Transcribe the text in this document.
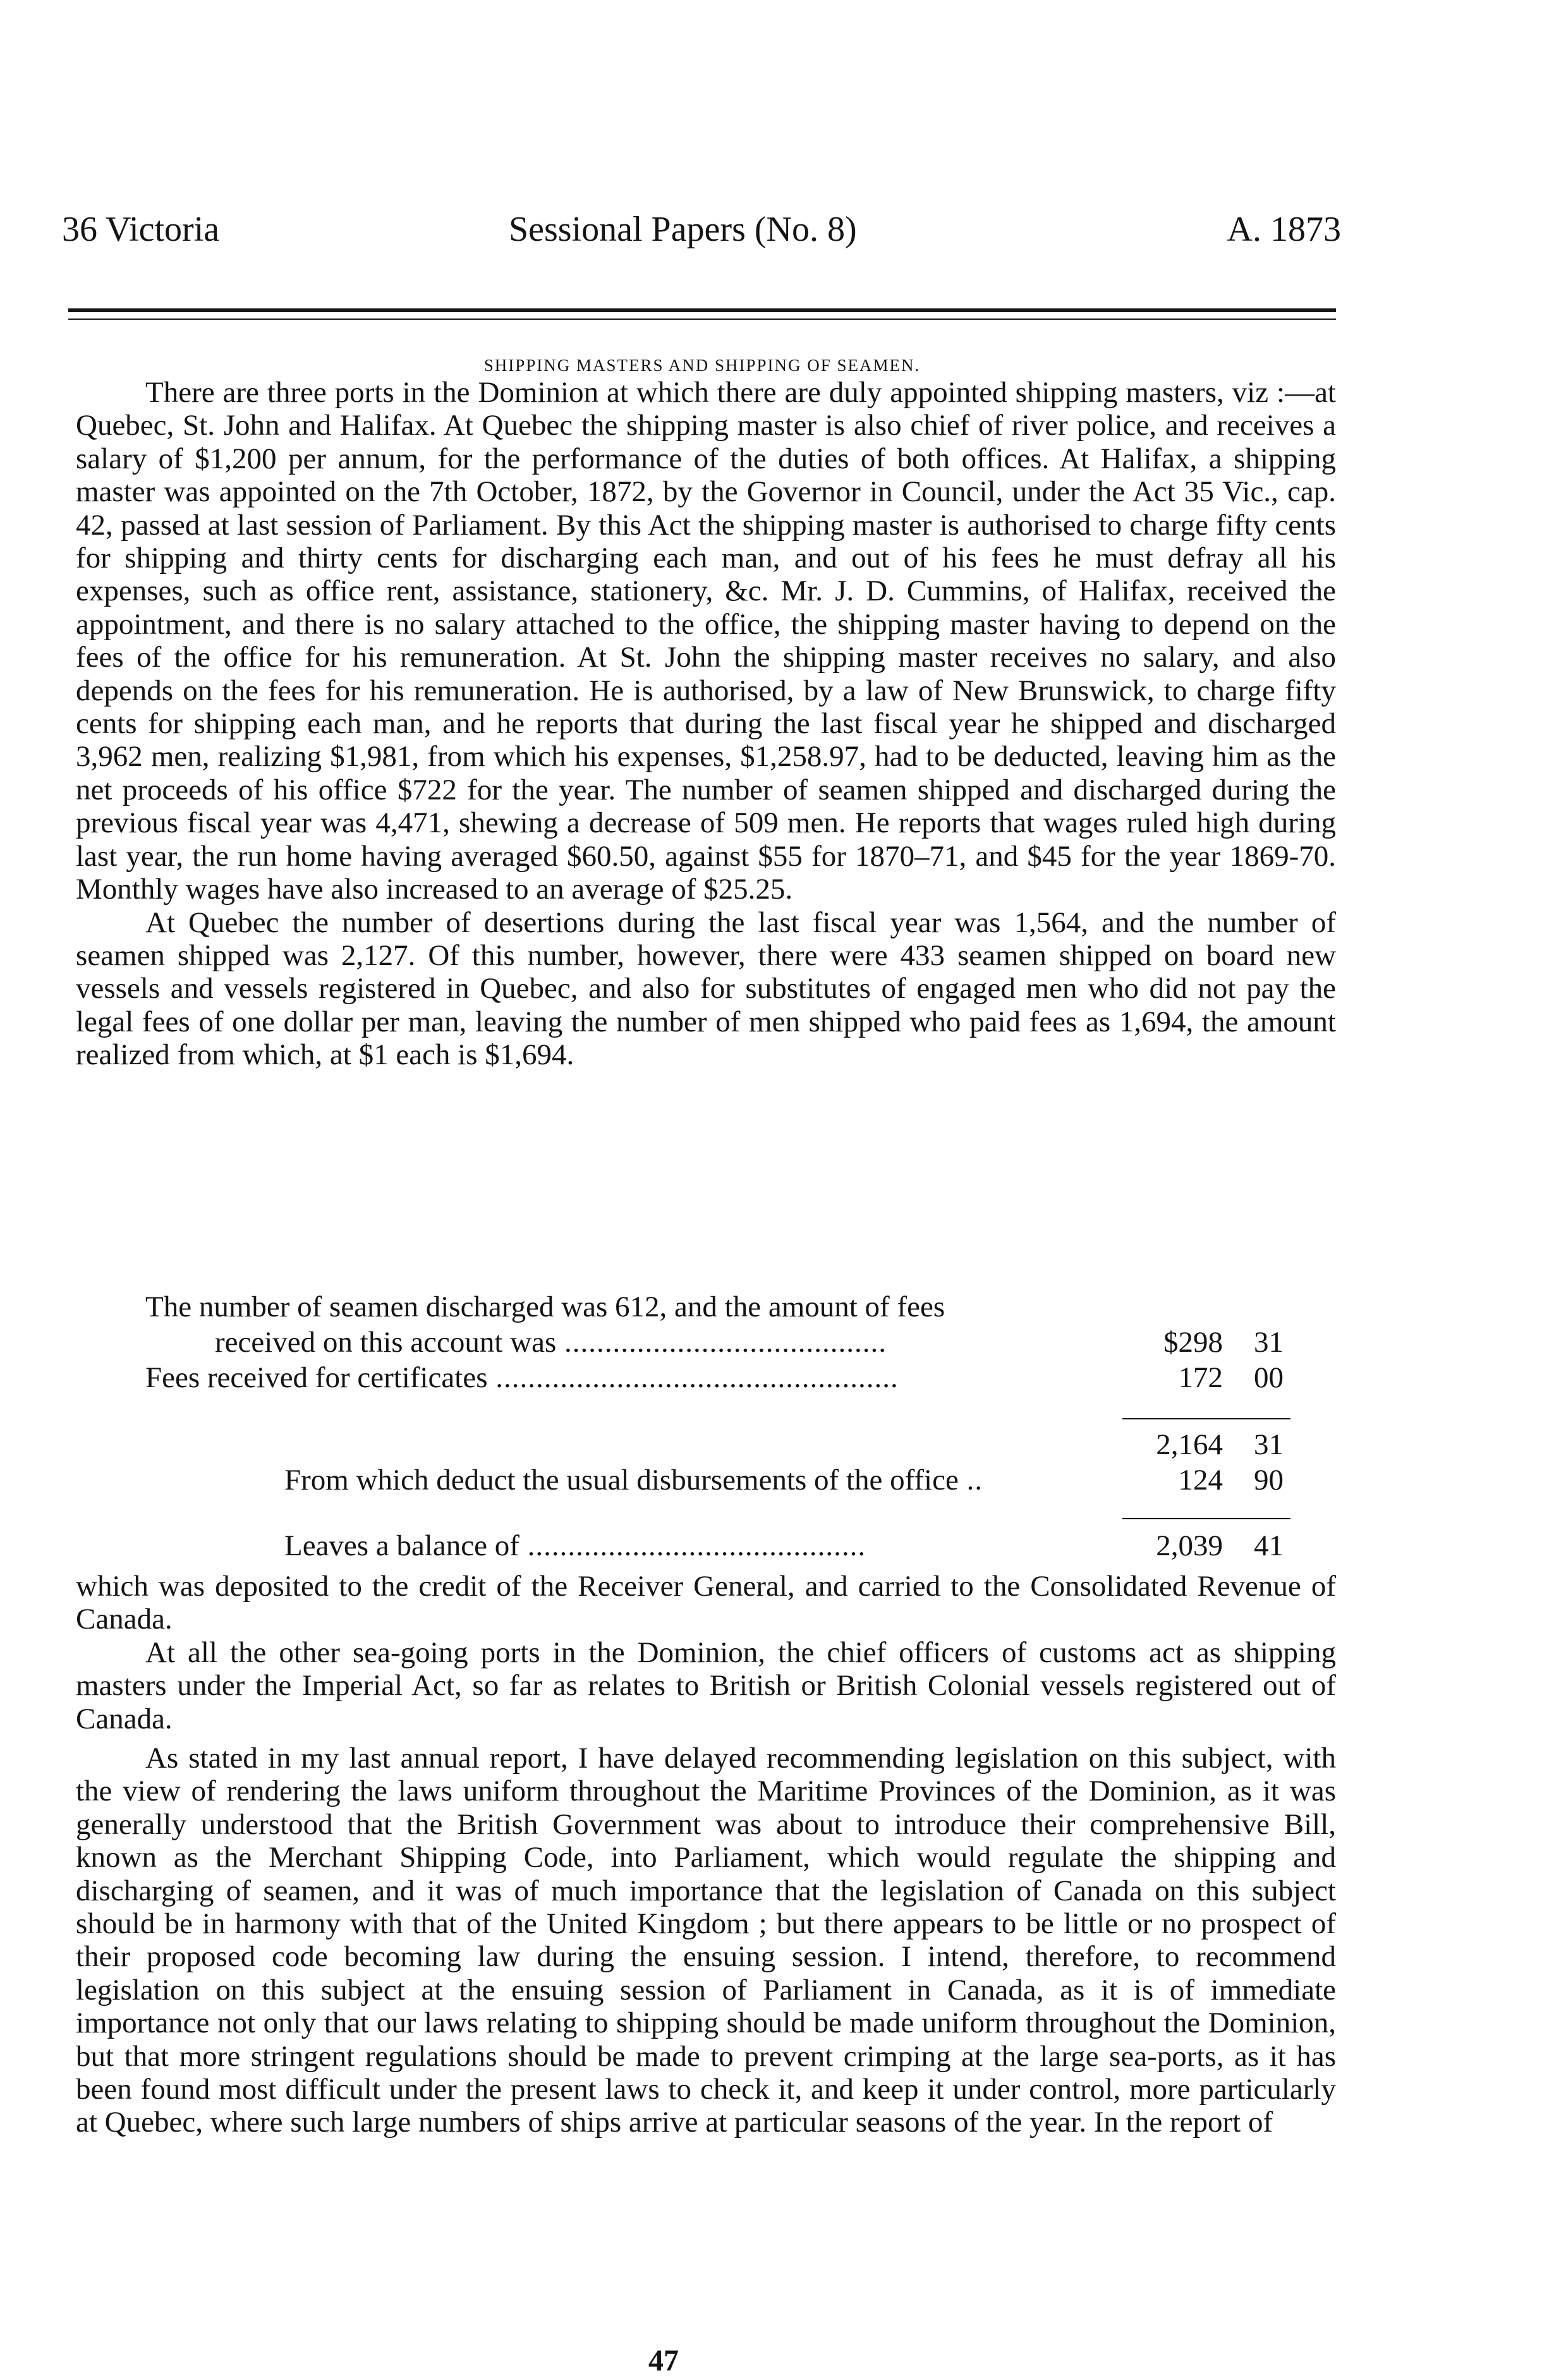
36 Victoria	Sessional Papers (No. 8)	A. 1873
SHIPPING MASTERS AND SHIPPING OF SEAMEN.

There are three ports in the Dominion at which there are duly appointed shipping masters, viz :—at Quebec, St. John and Halifax. At Quebec the shipping master is also chief of river police, and receives a salary of $1,200 per annum, for the performance of the duties of both offices. At Halifax, a shipping master was appointed on the 7th October, 1872, by the Governor in Council, under the Act 35 Vic., cap. 42, passed at last session of Parliament. By this Act the shipping master is authorised to charge fifty cents for shipping and thirty cents for discharging each man, and out of his fees he must defray all his expenses, such as office rent, assistance, stationery, &c. Mr. J. D. Cummins, of Halifax, received the appointment, and there is no salary attached to the office, the shipping master having to depend on the fees of the office for his remuneration. At St. John the shipping master receives no salary, and also depends on the fees for his remuneration. He is authorised, by a law of New Brunswick, to charge fifty cents for shipping each man, and he reports that during the last fiscal year he shipped and discharged 3,962 men, realizing $1,981, from which his expenses, $1,258.97, had to be deducted, leaving him as the net proceeds of his office $722 for the year. The number of seamen shipped and discharged during the previous fiscal year was 4,471, shewing a decrease of 509 men. He reports that wages ruled high during last year, the run home having averaged $60.50, against $55 for 1870–71, and $45 for the year 1869-70. Monthly wages have also increased to an average of $25.25.

At Quebec the number of desertions during the last fiscal year was 1,564, and the number of seamen shipped was 2,127. Of this number, however, there were 433 seamen shipped on board new vessels and vessels registered in Quebec, and also for substitutes of engaged men who did not pay the legal fees of one dollar per man, leaving the number of men shipped who paid fees as 1,694, the amount realized from which, at $1 each is $1,694.

The number of seamen discharged was 612, and the amount of fees
received on this account was ........................................	$298	31
Fees received for certificates ..................................................	172	00
2,164	31
From which deduct the usual disbursements of the office ..	124	90
Leaves a balance of ..........................................	2,039	41

which was deposited to the credit of the Receiver General, and carried to the Consolidated Revenue of Canada.

At all the other sea-going ports in the Dominion, the chief officers of customs act as shipping masters under the Imperial Act, so far as relates to British or British Colonial vessels registered out of Canada.

As stated in my last annual report, I have delayed recommending legislation on this subject, with the view of rendering the laws uniform throughout the Maritime Provinces of the Dominion, as it was generally understood that the British Government was about to introduce their comprehensive Bill, known as the Merchant Shipping Code, into Parliament, which would regulate the shipping and discharging of seamen, and it was of much importance that the legislation of Canada on this subject should be in harmony with that of the United Kingdom ; but there appears to be little or no prospect of their proposed code becoming law during the ensuing session. I intend, therefore, to recommend legislation on this subject at the ensuing session of Parliament in Canada, as it is of immediate importance not only that our laws relating to shipping should be made uniform throughout the Dominion, but that more stringent regulations should be made to prevent crimping at the large sea-ports, as it has been found most difficult under the present laws to check it, and keep it under control, more particularly at Quebec, where such large numbers of ships arrive at particular seasons of the year. In the report of

47
